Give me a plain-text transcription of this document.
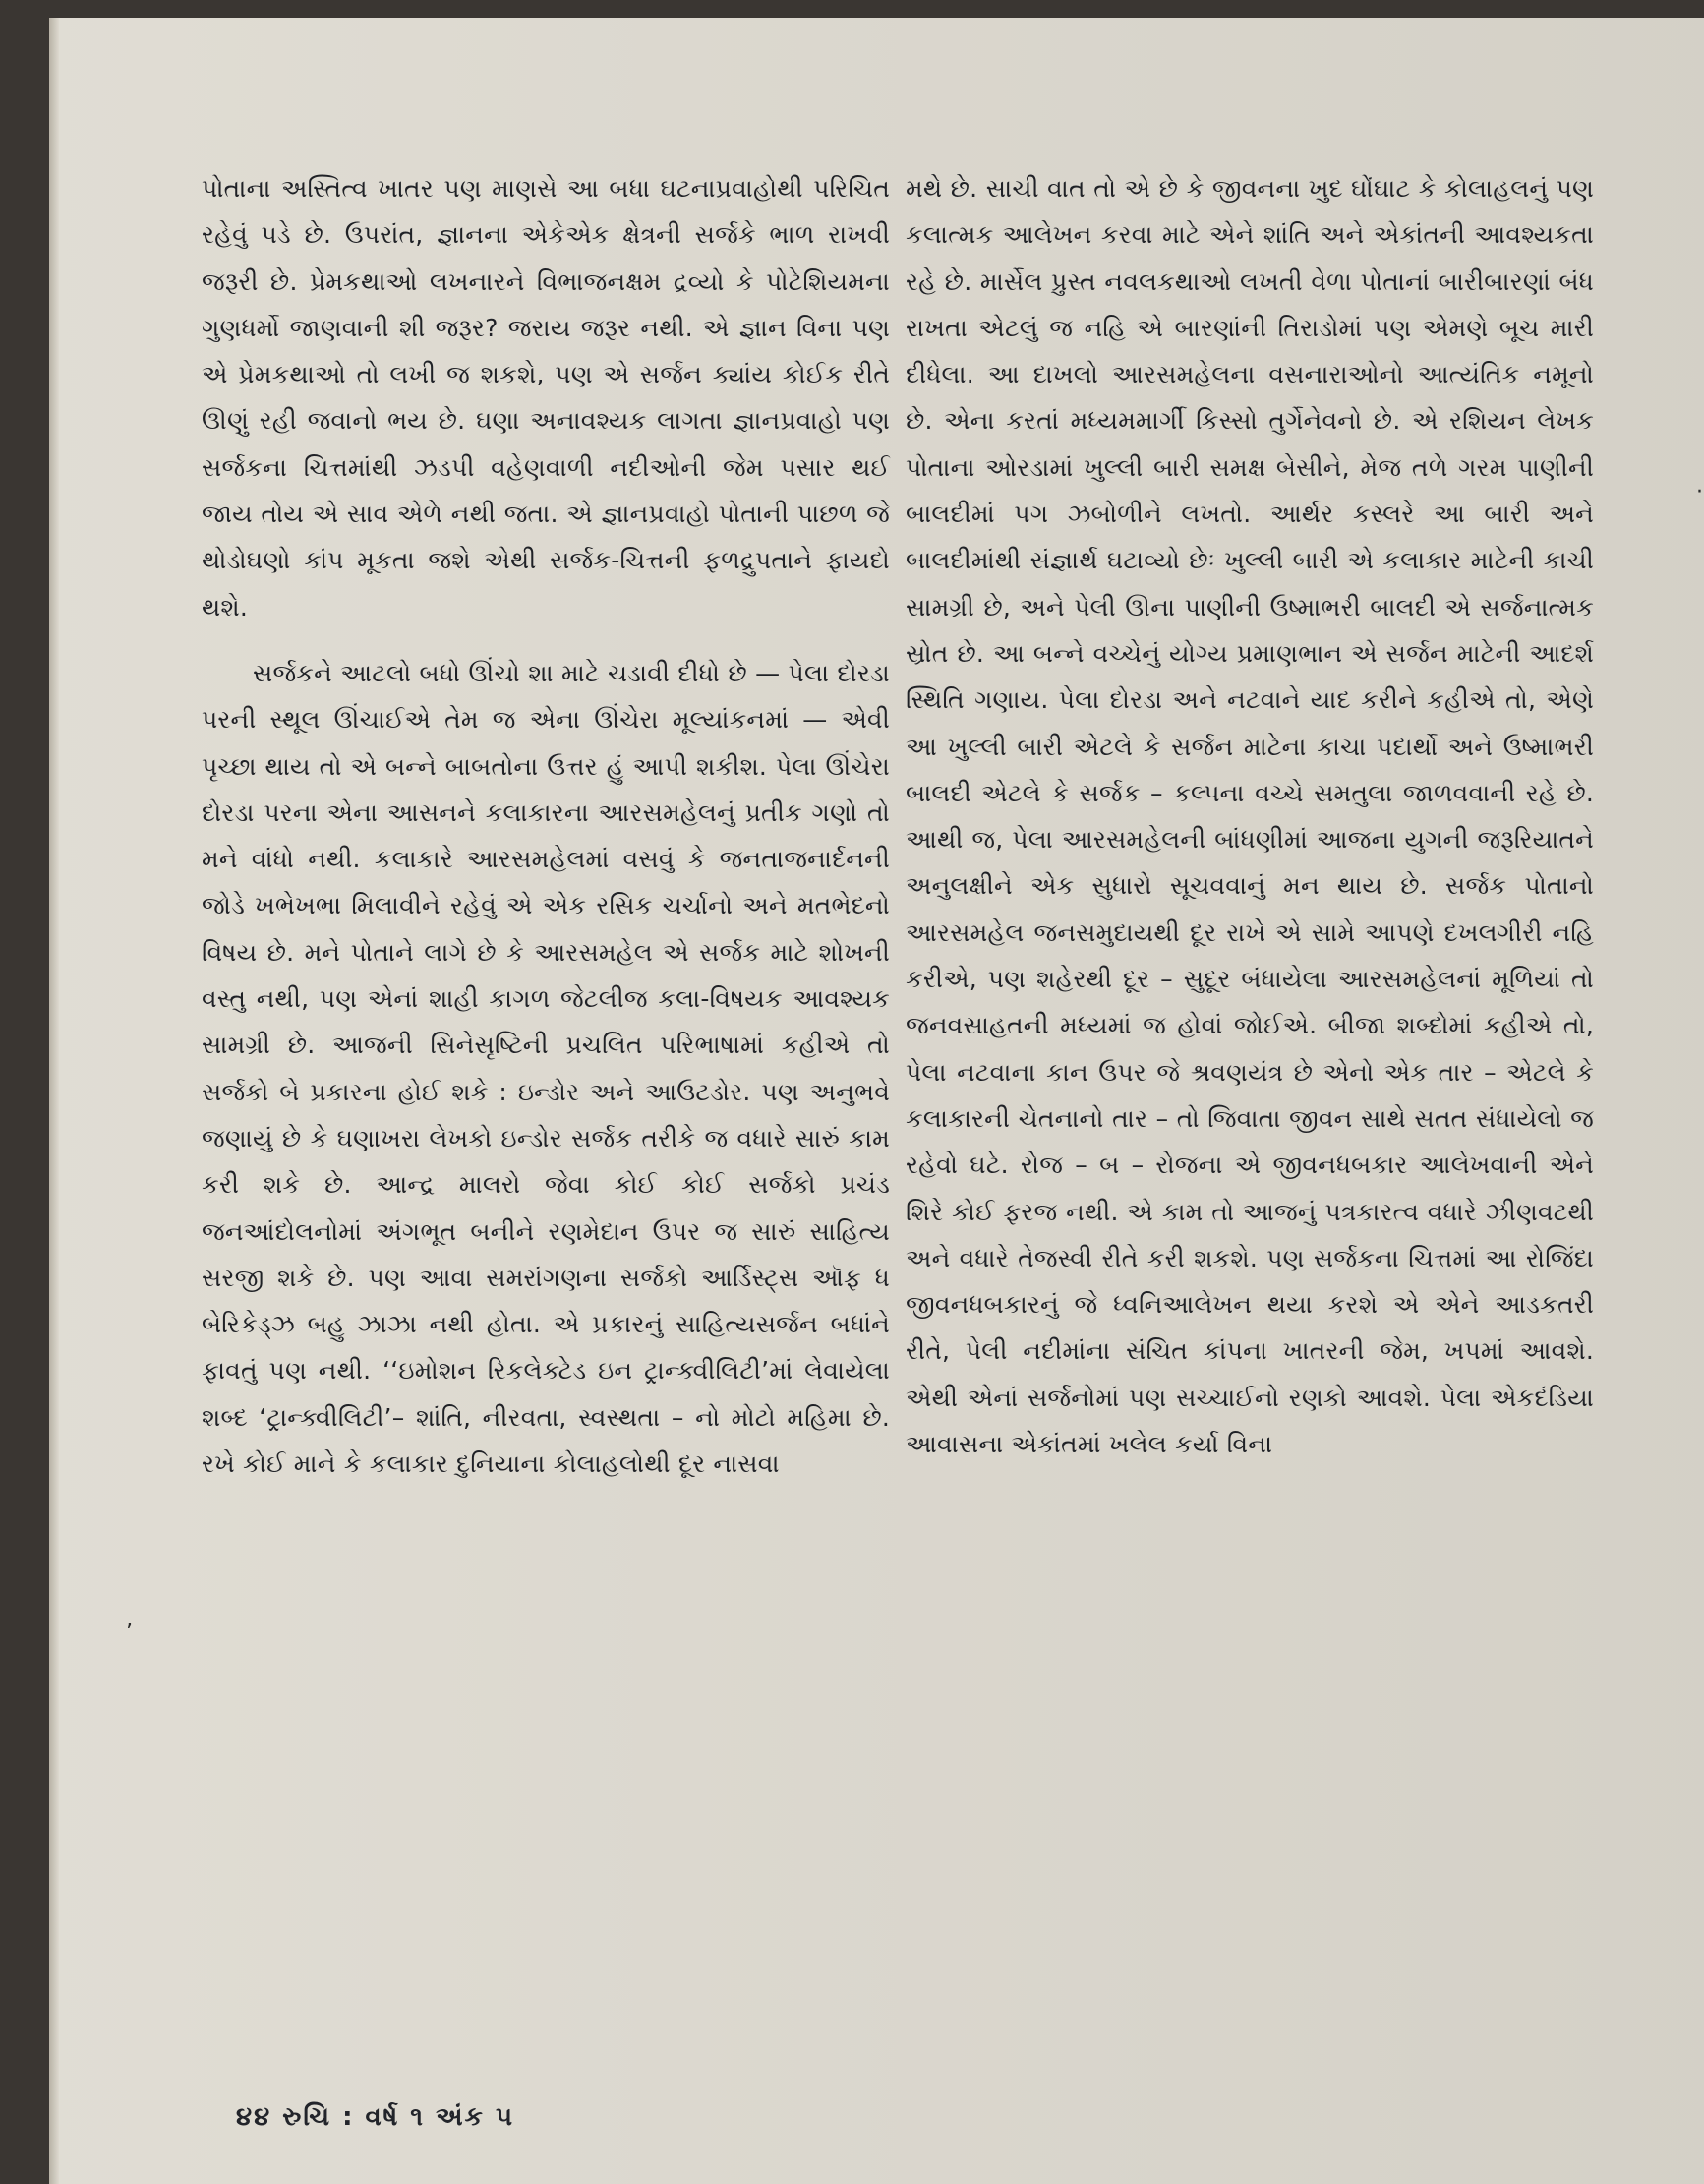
પોતાના અસ્તિત્વ ખાતર પણ માણસે આ બધા ઘટનાપ્રવાહોથી પરિચિત રહેવું પડે છે. ઉપરાંત, જ્ઞાનના એકેએક ક્ષેત્રની સર્જકે ભાળ રાખવી જરૂરી છે. પ્રેમકથાઓ લખનારને વિભાજનક્ષમ દ્રવ્યો કે પોટેશિયમના ગુણધર્મો જાણવાની શી જરૂર? જરાય જરૂર નથી. એ જ્ઞાન વિના પણ એ પ્રેમકથાઓ તો લખી જ શકશે, પણ એ સર્જન ક્યાંય કોઈક રીતે ઊણું રહી જવાનો ભય છે. ઘણા અનાવશ્યક લાગતા જ્ઞાનપ્રવાહો પણ સર્જકના ચિત્તમાંથી ઝડપી વહેણવાળી નદીઓની જેમ પસાર થઈ જાય તોય એ સાવ એળે નથી જતા. એ જ્ઞાનપ્રવાહો પોતાની પાછળ જે થોડોઘણો કાંપ મૂકતા જશે એથી સર્જક-ચિત્તની ફળદ્રુપતાને ફાયદો થશે.

સર્જકને આટલો બધો ઊંચો શા માટે ચડાવી દીધો છે — પેલા દોરડા પરની સ્થૂલ ઊંચાઈએ તેમ જ એના ઊંચેરા મૂલ્યાંકનમાં — એવી પૃચ્છા થાય તો એ બન્ને બાબતોના ઉત્તર હું આપી શકીશ. પેલા ઊંચેરા દોરડા પરના એના આસનને કલાકારના આરસમહેલનું પ્રતીક ગણો તો મને વાંધો નથી. કલાકારે આરસમહેલમાં વસવું કે જનતાજનાર્દનની જોડે ખભેખભા મિલાવીને રહેવું એ એક રસિક ચર્ચાનો અને મતભેદનો વિષય છે. મને પોતાને લાગે છે કે આરસમહેલ એ સર્જક માટે શોખની વસ્તુ નથી, પણ એનાં શાહી કાગળ જેટલીજ કલા-વિષયક આવશ્યક સામગ્રી છે. આજની સિનેસૃષ્ટિની પ્રચલિત પરિભાષામાં કહીએ તો સર્જકો બે પ્રકારના હોઈ શકે : ઇન્ડોર અને આઉટડોર. પણ અનુભવે જણાયું છે કે ઘણાખરા લેખકો ઇન્ડોર સર્જક તરીકે જ વધારે સારું કામ કરી શકે છે. આન્દ્ર માલરો જેવા કોઈ કોઈ સર્જકો પ્રચંડ જનઆંદોલનોમાં અંગભૂત બનીને રણમેદાન ઉપર જ સારું સાહિત્ય સરજી શકે છે. પણ આવા સમરાંગણના સર્જકો આર્ડિસ્ટ્સ ઑફ ધ બેરિકેડ્ઝ બહુ ઝાઝા નથી હોતા. એ પ્રકારનું સાહિત્યસર્જન બધાંને ફાવતું પણ નથી. ‘‘ઇમોશન રિકલેક્ટેડ ઇન ટ્રાન્ક્વીલિટી’માં લેવાયેલા શબ્દ ‘ટ્રાન્ક્વીલિટી’– શાંતિ, નીરવતા, સ્વસ્થતા – નો મોટો મહિમા છે. રખે કોઈ માને કે કલાકાર દુનિયાના કોલાહલોથી દૂર નાસવા

મથે છે. સાચી વાત તો એ છે કે જીવનના ખુદ ઘોંઘાટ કે કોલાહલનું પણ કલાત્મક આલેખન કરવા માટે એને શાંતિ અને એકાંતની આવશ્યકતા રહે છે. માર્સેલ પ્રુસ્ત નવલકથાઓ લખતી વેળા પોતાનાં બારીબારણાં બંધ રાખતા એટલું જ નહિ એ બારણાંની તિરાડોમાં પણ એમણે બૂચ મારી દીધેલા. આ દાખલો આરસમહેલના વસનારાઓનો આત્યંતિક નમૂનો છે. એના કરતાં મધ્યમમાર્ગી કિસ્સો તુર્ગેનેવનો છે. એ રશિયન લેખક પોતાના ઓરડામાં ખુલ્લી બારી સમક્ષ બેસીને, મેજ તળે ગરમ પાણીની બાલદીમાં પગ ઝબોળીને લખતો. આર્થર કસ્લરે આ બારી અને બાલદીમાંથી સંજ્ઞાર્થ ઘટાવ્યો છેઃ ખુલ્લી બારી એ કલાકાર માટેની કાચી સામગ્રી છે, અને પેલી ઊના પાણીની ઉષ્માભરી બાલદી એ સર્જનાત્મક સ્રોત છે. આ બન્ને વચ્ચેનું યોગ્ય પ્રમાણભાન એ સર્જન માટેની આદર્શ સ્થિતિ ગણાય. પેલા દોરડા અને નટવાને યાદ કરીને કહીએ તો, એણે આ ખુલ્લી બારી એટલે કે સર્જન માટેના કાચા પદાર્થો અને ઉષ્માભરી બાલદી એટલે કે સર્જક – કલ્પના વચ્ચે સમતુલા જાળવવાની રહે છે. આથી જ, પેલા આરસમહેલની બાંધણીમાં આજના યુગની જરૂરિયાતને અનુલક્ષીને એક સુધારો સૂચવવાનું મન થાય છે. સર્જક પોતાનો આરસમહેલ જનસમુદાયથી દૂર રાખે એ સામે આપણે દખલગીરી નહિ કરીએ, પણ શહેરથી દૂર – સુદૂર બંધાયેલા આરસમહેલનાં મૂળિયાં તો જનવસાહતની મધ્યમાં જ હોવાં જોઈએ. બીજા શબ્દોમાં કહીએ તો, પેલા નટવાના કાન ઉપર જે શ્રવણયંત્ર છે એનો એક તાર – એટલે કે કલાકારની ચેતનાનો તાર – તો જિવાતા જીવન સાથે સતત સંધાયેલો જ રહેવો ઘટે. રોજ – બ – રોજના એ જીવનધબકાર આલેખવાની એને શિરે કોઈ ફરજ નથી. એ કામ તો આજનું પત્રકારત્વ વધારે ઝીણવટથી અને વધારે તેજસ્વી રીતે કરી શકશે. પણ સર્જકના ચિત્તમાં આ રોજિંદા જીવનધબકારનું જે ધ્વનિઆલેખન થયા કરશે એ એને આડકતરી રીતે, પેલી નદીમાંના સંચિત કાંપના ખાતરની જેમ, ખપમાં આવશે. એથી એનાં સર્જનોમાં પણ સચ્ચાઈનો રણકો આવશે. પેલા એકદંડિયા આવાસના એકાંતમાં ખલેલ કર્યા વિના

૪૪ રુચિ : વર્ષ ૧ અંક ૫
·
ʼ
